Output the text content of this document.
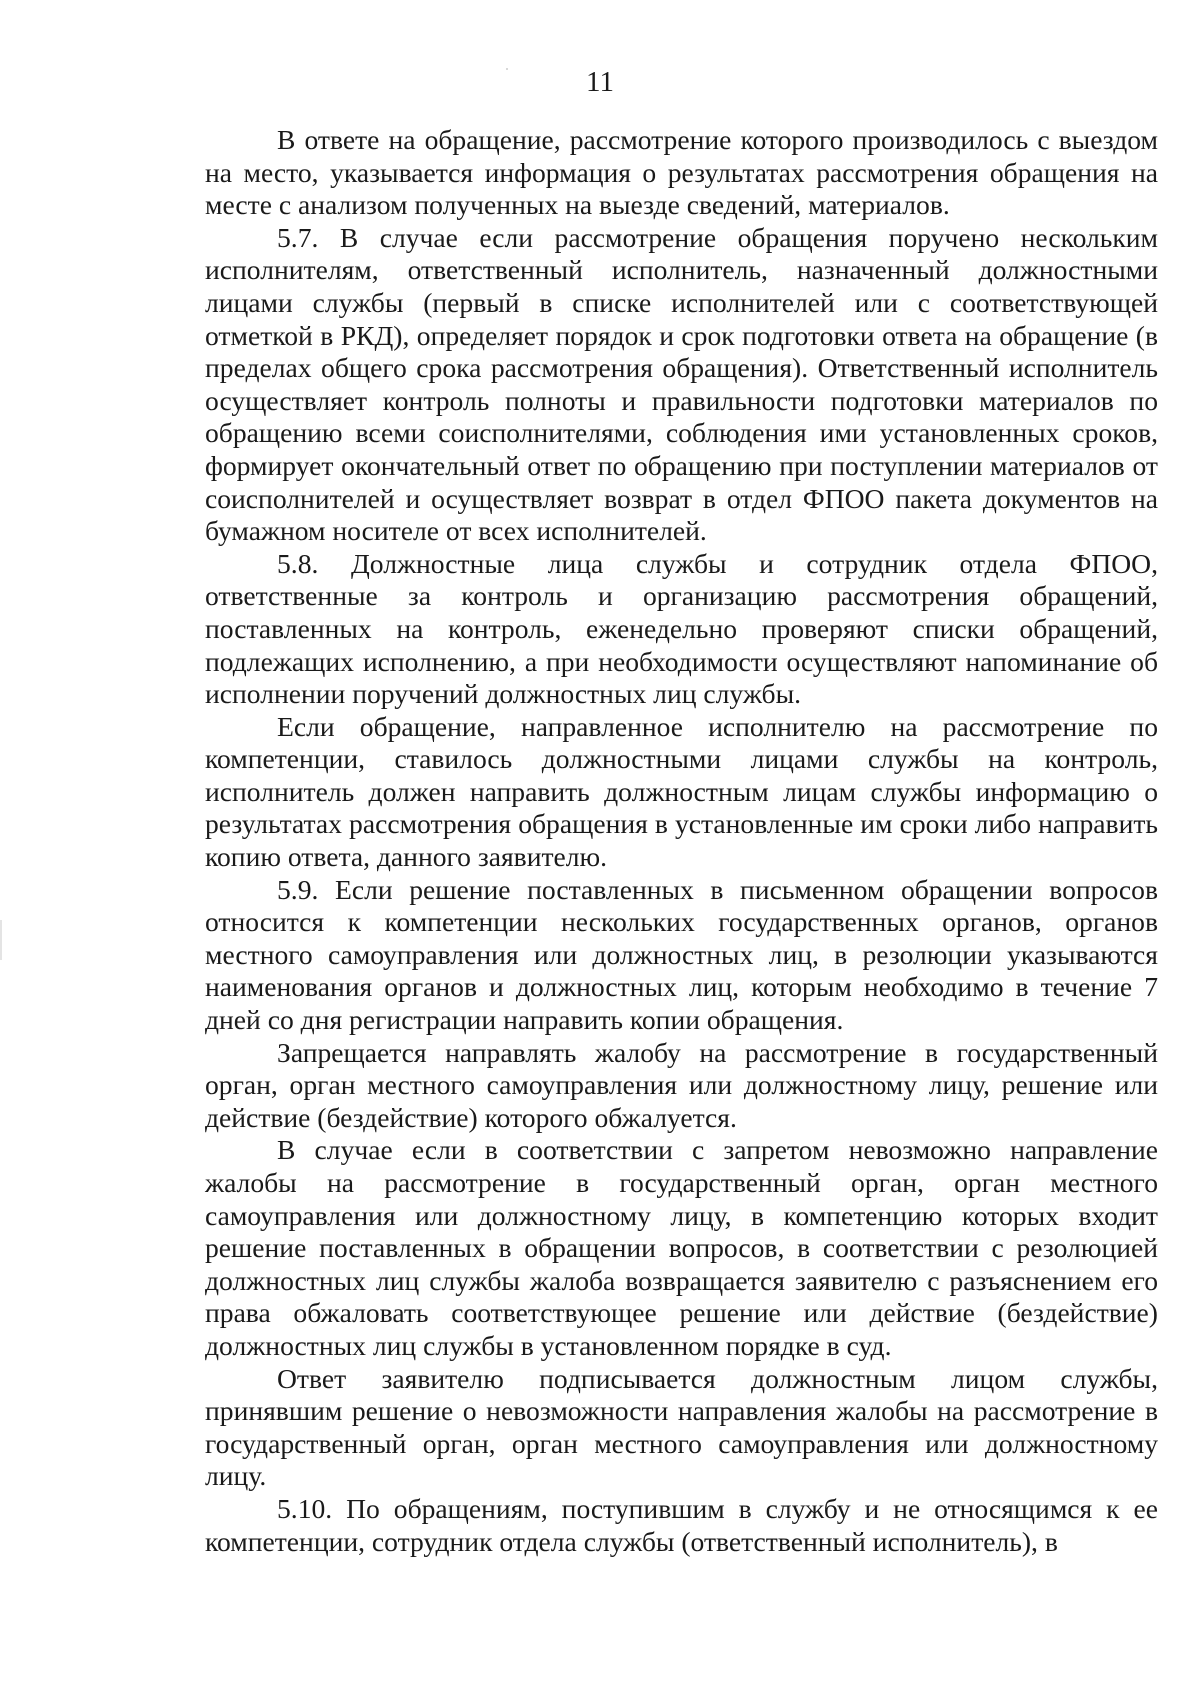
11

В ответе на обращение, рассмотрение которого производилось с выездом на место, указывается информация о результатах рассмотрения обращения на месте с анализом полученных на выезде сведений, материалов.

5.7. В случае если рассмотрение обращения поручено нескольким исполнителям, ответственный исполнитель, назначенный должностными лицами службы (первый в списке исполнителей или с соответствующей отметкой в РКД), определяет порядок и срок подготовки ответа на обращение (в пределах общего срока рассмотрения обращения). Ответственный исполнитель осуществляет контроль полноты и правильности подготовки материалов по обращению всеми соисполнителями, соблюдения ими установленных сроков, формирует окончательный ответ по обращению при поступлении материалов от соисполнителей и осуществляет возврат в отдел ФПОО пакета документов на бумажном носителе от всех исполнителей.

5.8. Должностные лица службы и сотрудник отдела ФПОО, ответственные за контроль и организацию рассмотрения обращений, поставленных на контроль, еженедельно проверяют списки обращений, подлежащих исполнению, а при необходимости осуществляют напоминание об исполнении поручений должностных лиц службы.

Если обращение, направленное исполнителю на рассмотрение по компетенции, ставилось должностными лицами службы на контроль, исполнитель должен направить должностным лицам службы информацию о результатах рассмотрения обращения в установленные им сроки либо направить копию ответа, данного заявителю.

5.9. Если решение поставленных в письменном обращении вопросов относится к компетенции нескольких государственных органов, органов местного самоуправления или должностных лиц, в резолюции указываются наименования органов и должностных лиц, которым необходимо в течение 7 дней со дня регистрации направить копии обращения.

Запрещается направлять жалобу на рассмотрение в государственный орган, орган местного самоуправления или должностному лицу, решение или действие (бездействие) которого обжалуется.

В случае если в соответствии с запретом невозможно направление жалобы на рассмотрение в государственный орган, орган местного самоуправления или должностному лицу, в компетенцию которых входит решение поставленных в обращении вопросов, в соответствии с резолюцией должностных лиц службы жалоба возвращается заявителю с разъяснением его права обжаловать соответствующее решение или действие (бездействие) должностных лиц службы в установленном порядке в суд.

Ответ заявителю подписывается должностным лицом службы, принявшим решение о невозможности направления жалобы на рассмотрение в государственный орган, орган местного самоуправления или должностному лицу.

5.10. По обращениям, поступившим в службу и не относящимся к ее компетенции, сотрудник отдела службы (ответственный исполнитель), в
